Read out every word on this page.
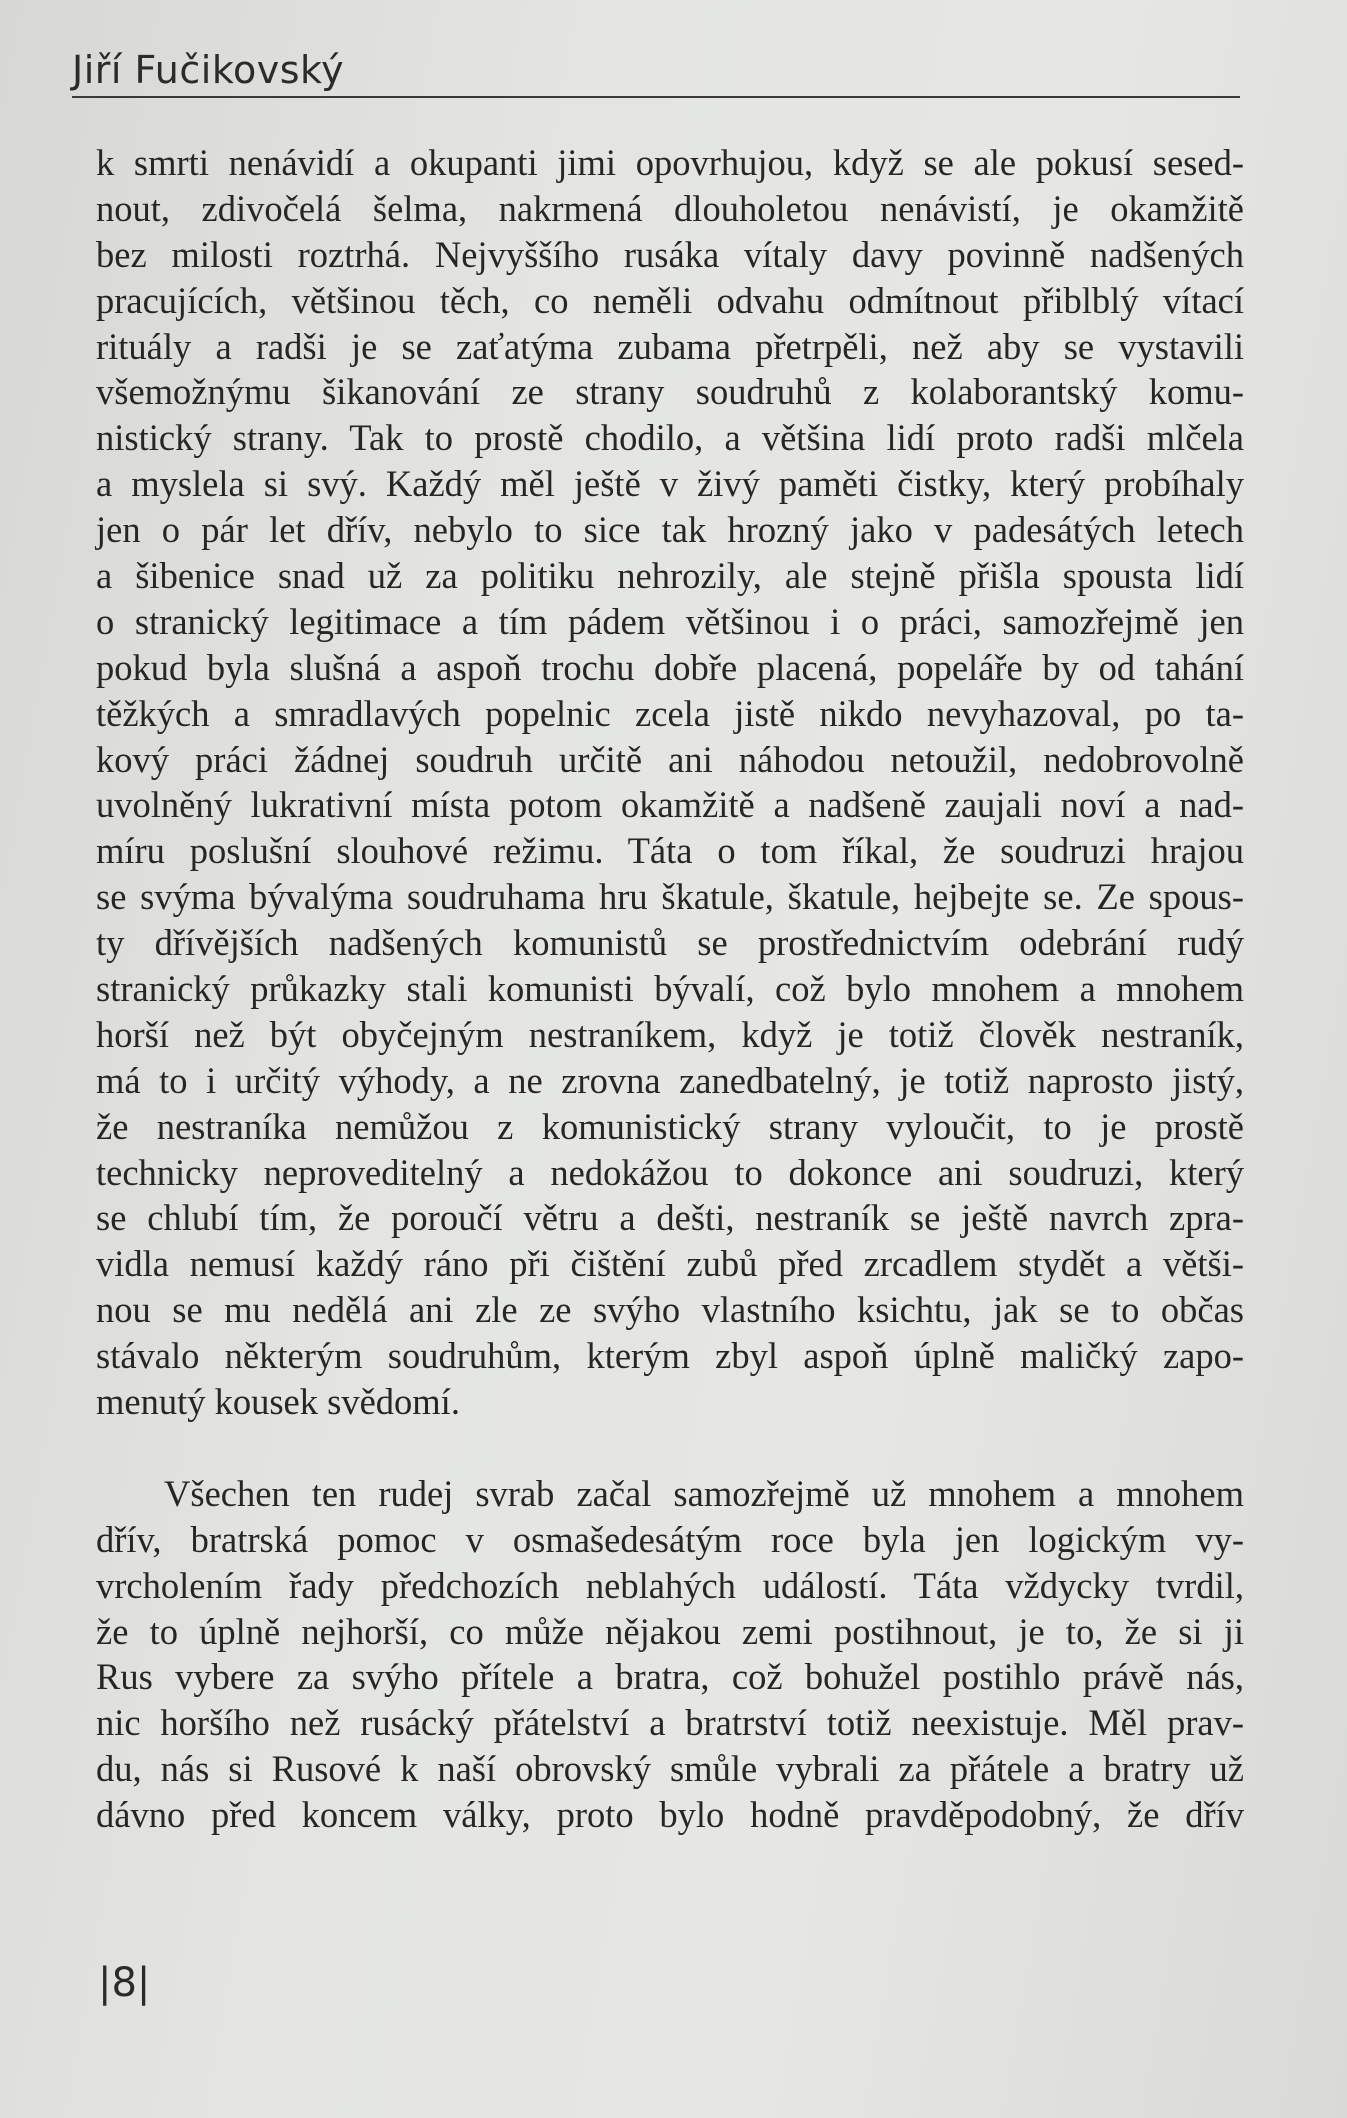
Jiří Fučikovský

k smrti nenávidí a okupanti jimi opovrhujou, když se ale pokusí sesed-
nout, zdivočelá šelma, nakrmená dlouholetou nenávistí, je okamžitě
bez milosti roztrhá. Nejvyššího rusáka vítaly davy povinně nadšených
pracujících, většinou těch, co neměli odvahu odmítnout přiblblý vítací
rituály a radši je se zaťatýma zubama přetrpěli, než aby se vystavili
všemožnýmu šikanování ze strany soudruhů z kolaborantský komu-
nistický strany. Tak to prostě chodilo, a většina lidí proto radši mlčela
a myslela si svý. Každý měl ještě v živý paměti čistky, který probíhaly
jen o pár let dřív, nebylo to sice tak hrozný jako v padesátých letech
a šibenice snad už za politiku nehrozily, ale stejně přišla spousta lidí
o stranický legitimace a tím pádem většinou i o práci, samozřejmě jen
pokud byla slušná a aspoň trochu dobře placená, popeláře by od tahání
těžkých a smradlavých popelnic zcela jistě nikdo nevyhazoval, po ta-
kový práci žádnej soudruh určitě ani náhodou netoužil, nedobrovolně
uvolněný lukrativní místa potom okamžitě a nadšeně zaujali noví a nad-
míru poslušní slouhové režimu. Táta o tom říkal, že soudruzi hrajou
se svýma bývalýma soudruhama hru škatule, škatule, hejbejte se. Ze spous-
ty dřívějších nadšených komunistů se prostřednictvím odebrání rudý
stranický průkazky stali komunisti bývalí, což bylo mnohem a mnohem
horší než být obyčejným nestraníkem, když je totiž člověk nestraník,
má to i určitý výhody, a ne zrovna zanedbatelný, je totiž naprosto jistý,
že nestraníka nemůžou z komunistický strany vyloučit, to je prostě
technicky neproveditelný a nedokážou to dokonce ani soudruzi, který
se chlubí tím, že poroučí větru a dešti, nestraník se ještě navrch zpra-
vidla nemusí každý ráno při čištění zubů před zrcadlem stydět a větši-
nou se mu nedělá ani zle ze svýho vlastního ksichtu, jak se to občas
stávalo některým soudruhům, kterým zbyl aspoň úplně maličký zapo-
menutý kousek svědomí.

Všechen ten rudej svrab začal samozřejmě už mnohem a mnohem
dřív, bratrská pomoc v osmašedesátým roce byla jen logickým vy-
vrcholením řady předchozích neblahých událostí. Táta vždycky tvrdil,
že to úplně nejhorší, co může nějakou zemi postihnout, je to, že si ji
Rus vybere za svýho přítele a bratra, což bohužel postihlo právě nás,
nic horšího než rusácký přátelství a bratrství totiž neexistuje. Měl prav-
du, nás si Rusové k naší obrovský smůle vybrali za přátele a bratry už
dávno před koncem války, proto bylo hodně pravděpodobný, že dřív

|8|
